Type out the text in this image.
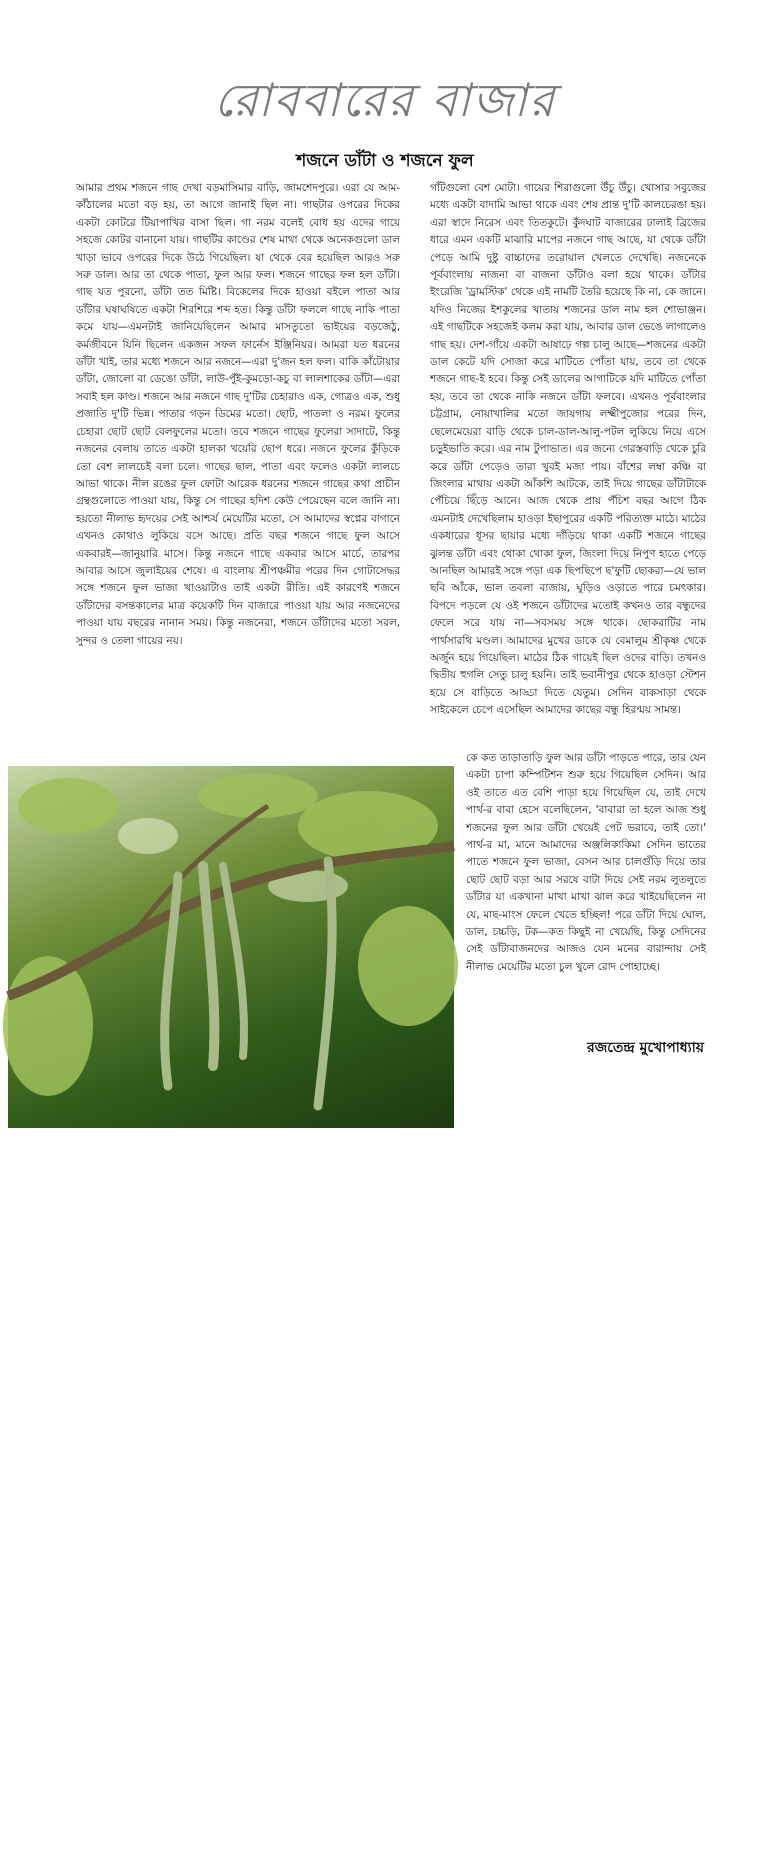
রোববারের বাজার
শজনে ডাঁটা ও শজনে ফুল

আমার প্রথম শজনে গাছ দেখা বড়মাসিমার বাড়ি, জামশেদপুরে। এরা যে আম-কাঁঠালের মতো বড় হয়, তা আগে জানাই ছিল না। গাছটার ওপরের দিকের একটা কোটরে টিয়াপাখির বাসা ছিল। গা নরম বলেই বোধ হয় এদের গায়ে সহজে কোটর বানানো যায়। গাছটির কাণ্ডের শেষ মাথা থেকে অনেকগুলো ডাল খাড়া ভাবে ওপরের দিকে উঠে গিয়েছিল। যা থেকে বের হয়েছিল আরও সরু সরু ডাল। আর তা থেকে পাতা, ফুল আর ফল। শজনে গাছের ফল হল ডাঁটা। গাছ যত পুরনো, ডাঁটা তত মিষ্টি। বিকেলের দিকে হাওয়া বইলে পাতা আর ডাঁটার ঘষাঘষিতে একটা শিরশিরে শব্দ হত। কিন্তু ডাঁটা ফললে গাছে নাকি পাতা কমে যায়—এমনটাই জানিয়েছিলেন আমার মাসতুতো ভাইয়ের বড়জেঠু, কর্মজীবনে যিনি ছিলেন একজন সফল ফার্নেস ইঞ্জিনিয়র। আমরা যত ধরনের ডাঁটা খাই, তার মধ্যে শজনে আর নজনে—এরা দু'জন হল ফল। বাকি কাঁটোয়ার ডাঁটা, জোলো বা ডেঙো ডাঁটা, লাউ-পুঁই-কুমড়ো-কচু বা লালশাকের ডাঁটা—এরা সবাই হল কাণ্ড। শজনে আর নজনে গাছ দু'টির চেহারাও এক, গোত্রও এক, শুধু প্রজাতি দু'টি ভিন্ন। পাতার গড়ন ডিমের মতো। ছোট, পাতলা ও নরম। ফুলের চেহারা ছোট ছোট বেলফুলের মতো। তবে শজনে গাছের ফুলেরা সাদাটে, কিন্তু নজনের বেলায় তাতে একটা হালকা খয়েরি ছোপ ধরে। নজনে ফুলের কুঁড়িকে তো বেশ লালচেই বলা চলে। গাছের ছাল, পাতা এবং ফলেও একটা লালচে আভা থাকে। নীল রঙের ফুল ফোটা আরেক ধরনের শজনে গাছের কথা প্রাচীন গ্রন্থগুলোতে পাওয়া যায়, কিন্তু সে গাছের হদিশ কেউ পেয়েছেন বলে জানি না। হয়তো নীলাভ হৃদয়ের সেই আশ্চর্য মেয়েটির মতো, সে আমাদের স্বপ্নের বাগানে এখনও কোথাও লুকিয়ে বসে আছে। প্রতি বছর শজনে গাছে ফুল আসে একবারই—জানুয়ারি মাসে। কিন্তু নজনে গাছে একবার আসে মার্চে, তারপর আবার আসে জুলাইয়ের শেষে। এ বাংলায় শ্রীপঞ্চমীর পরের দিন গোটাসেদ্ধর সঙ্গে শজনে ফুল ভাজা খাওয়াটাও তাই একটা রীতি। এই কারণেই শজনে ডাঁটাদের বসন্তকালের মাত্র কয়েকটি দিন বাজারে পাওয়া যায় আর নজনেদের পাওয়া যায় বছরের নানান সময়। কিন্তু নজনেরা, শজনে ডাঁটাদের মতো সরল, সুন্দর ও তেলা গায়ের নয়।

গাঁটগুলো বেশ মোটা। গায়ের শিরাগুলো উঁচু উঁচু। খোসার সবুজের মধ্যে একটা বাদামি আভা থাকে এবং শেষ প্রান্ত দু'টি কালচেরঙা হয়। এরা স্বাদে নিরেস এবং তিতকুটে। কুঁদঘাট বাজারের ঢালাই ব্রিজের ধারে এমন একটি মাঝারি মাপের নজনে গাছ আছে, যা থেকে ডাঁটা পেড়ে আমি দুষ্টু বাচ্চাদের তরোয়াল খেলতে দেখেছি। নজনেকে পূর্ববাংলায় নাজনা বা বাজনা ডাঁটাও বলা হয়ে থাকে। ডাঁটার ইংরেজি 'ড্রামস্টিক' থেকে এই নামটি তৈরি হয়েছে কি না, কে জানে। যদিও নিজের ইশকুলের খাতায় শজনের ডাল নাম হল শোভাঞ্জন। এই গাছটিকে সহজেই কলম করা যায়, আবার ডাল ভেঙে লাগালেও গাছ হয়। দেশ-গাঁয়ে একটা আষাঢ়ে গল্প চালু আছে—শজনের একটা ডাল কেটে যদি সোজা করে মাটিতে পোঁতা যায়, তবে তা থেকে শজনে গাছ-ই হবে। কিন্তু সেই ডালের আগাটিকে যদি মাটিতে পোঁতা হয়, তবে তা থেকে নাকি নজনে ডাঁটা ফলবে। এখনও পূর্ববাংলার চট্টগ্রাম, নোয়াখালির মতো জায়গায় লক্ষ্মীপুজোর পরের দিন, ছেলেমেয়েরা বাড়ি থেকে চাল-ডাল-আলু-পটল লুকিয়ে নিয়ে এসে চড়ুইভাতি করে। এর নাম টুপাভাত। এর জন্যে গেরস্তবাড়ি থেকে চুরি করে ডাঁটা পেড়েও তারা খুবই মজা পায়। বাঁশের লম্বা কঞ্চি বা জিংলার মাথায় একটা আঁকশি আটকে, তাই দিয়ে গাছের ডাঁটাটাকে পেঁচিয়ে ছিঁড়ে আনে। আজ থেকে প্রায় পঁচিশ বছর আগে ঠিক এমনটাই দেখেছিলাম হাওড়া ইছাপুরের একটি পরিত্যক্ত মাঠে। মাঠের একধারের ধূসর ছায়ার মধ্যে দাঁড়িয়ে থাকা একটি শজনে গাছের ঝুলন্ত ডাঁটা এবং থোকা থোকা ফুল, জিংলা দিয়ে নিপুণ হাতে পেড়ে আনছিল আমারই সঙ্গে পড়া এক ছিপছিপে ছ'ফুটি ছোকরা—যে ভাল ছবি আঁকে, ভাল তবলা বাজায়, ঘুড়িও ওড়াতে পারে চমৎকার। বিপদে পড়লে যে ওই শজনে ডাঁটাদের মতোই কখনও তার বন্ধুদের ফেলে সরে যায় না—সবসময় সঙ্গে থাকে। ছোকরাটির নাম পার্থসারথি মণ্ডল। আমাদের মুখের ডাকে যে বেমালুম শ্রীকৃষ্ণ থেকে অর্জুন হয়ে গিয়েছিল। মাঠের ঠিক গায়েই ছিল ওদের বাড়ি। তখনও দ্বিতীয় হুগলি সেতু চালু হয়নি। তাই ভবানীপুর থেকে হাওড়া স্টেশন হয়ে সে বাড়িতে আড্ডা দিতে যেতুম। সেদিন বাকসাড়া থেকে সাইকেলে চেপে এসেছিল আমাদের কাছের বন্ধু হিরণ্ময় সামন্ত।

৪২ রোববার

কে কত তাড়াতাড়ি ফুল আর ডাঁটা পাড়তে পারে, তার যেন একটা চাপা কম্পিটিশন শুরু হয়ে গিয়েছিল সেদিন। আর ওই তাতে এত বেশি পাড়া হয়ে গিয়েছিল যে, তাই দেখে পার্থ-র বাবা হেসে বলেছিলেন, 'বাবারা তা হলে আজ শুধু শজনের ফুল আর ডাঁটা খেয়েই পেট ভরাবে, তাই তো।' পার্থ-র মা, মানে আমাদের অঞ্জলিকাকিমা সেদিন ভাতের পাতে শজনে ফুল ভাজা, বেসন আর চালগুঁড়ি দিয়ে তার ছোট ছোট বড়া আর সরষে বাটা দিয়ে সেই নরম লুতলুতে ডাঁটার যা একখানা মাখা মাখা ঝাল করে খাইয়েছিলেন না যে, মাছ-মাংস ফেলে খেতে হচ্ছিল! পরে ডাঁটা দিয়ে ঘোল, ডাল, চচ্চড়ি, টক—কত কিছুই না খেয়েছি, কিন্তু সেদিনের সেই ডাঁটাবাজনদের আজও যেন মনের বারান্দায় সেই নীলাভ মেয়েটির মতো চুল খুলে রোদ পোহাচ্ছে।

রজতেন্দ্র মুখোপাধ্যায়
